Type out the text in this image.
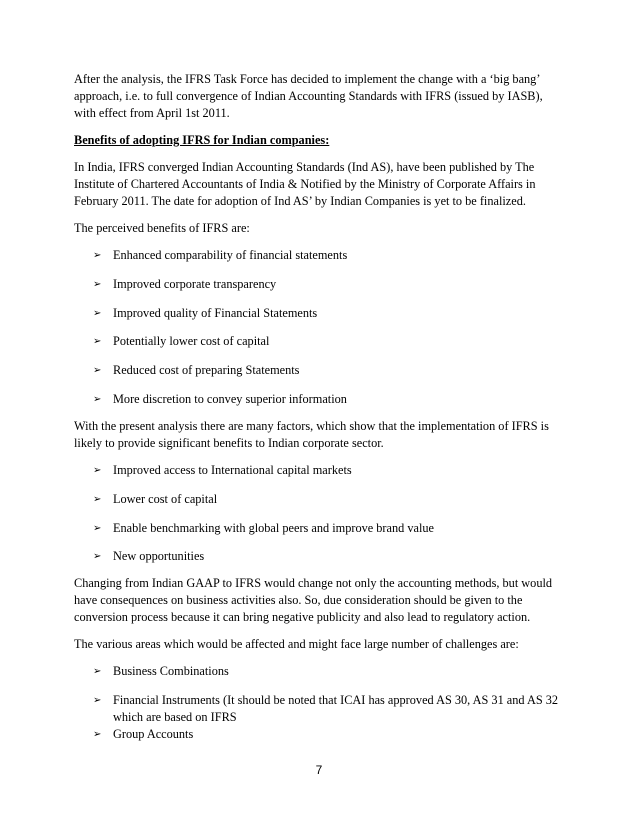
After the analysis, the IFRS Task Force has decided to implement the change with a ‘big bang’ approach, i.e. to full convergence of Indian Accounting Standards with IFRS (issued by IASB), with effect from April 1st 2011.

Benefits of adopting IFRS for Indian companies:

In India, IFRS converged Indian Accounting Standards (Ind AS), have been published by The Institute of Chartered Accountants of India & Notified by the Ministry of Corporate Affairs in February 2011. The date for adoption of Ind AS’ by Indian Companies is yet to be finalized.

The perceived benefits of IFRS are:

➢ Enhanced comparability of financial statements
➢ Improved corporate transparency
➢ Improved quality of Financial Statements
➢ Potentially lower cost of capital
➢ Reduced cost of preparing Statements
➢ More discretion to convey superior information

With the present analysis there are many factors, which show that the implementation of IFRS is likely to provide significant benefits to Indian corporate sector.

➢ Improved access to International capital markets
➢ Lower cost of capital
➢ Enable benchmarking with global peers and improve brand value
➢ New opportunities

Changing from Indian GAAP to IFRS would change not only the accounting methods, but would have consequences on business activities also. So, due consideration should be given to the conversion process because it can bring negative publicity and also lead to regulatory action.

The various areas which would be affected and might face large number of challenges are:

➢ Business Combinations
➢ Financial Instruments (It should be noted that ICAI has approved AS 30, AS 31 and AS 32 which are based on IFRS
➢ Group Accounts
7
